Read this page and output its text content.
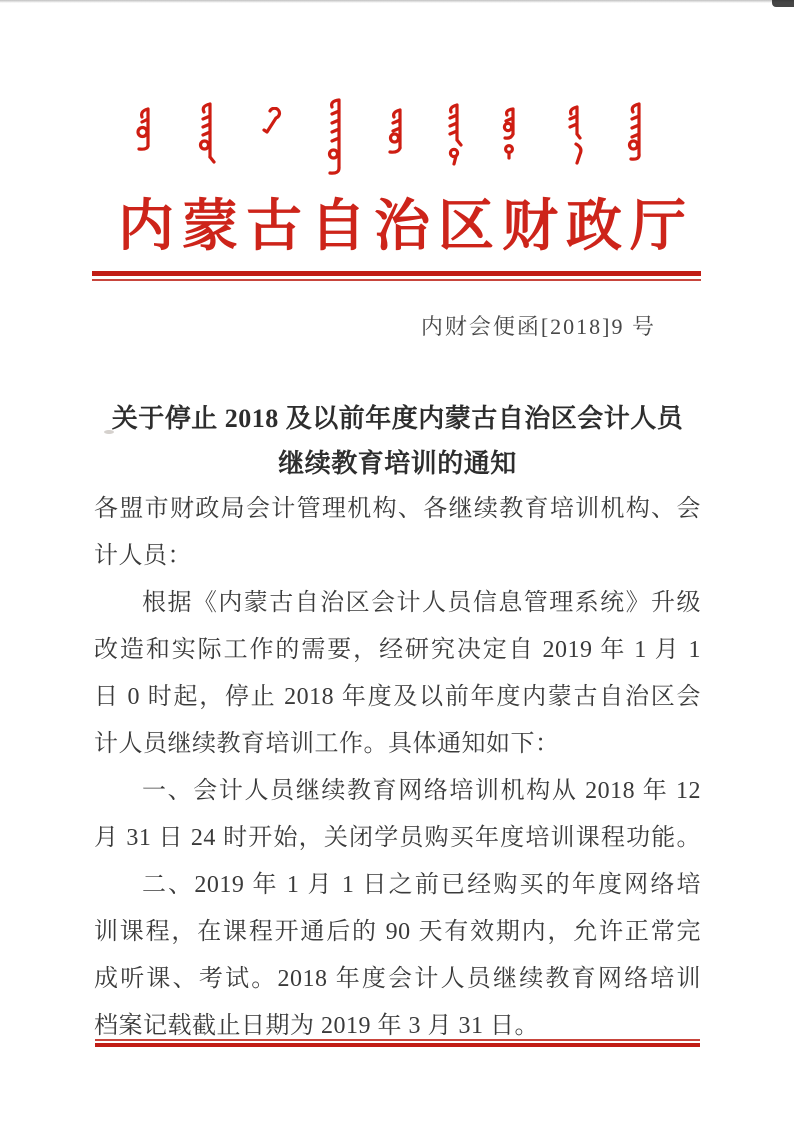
内蒙古自治区财政厅
内财会便函[2018]9 号
关于停止 2018 及以前年度内蒙古自治区会计人员
继续教育培训的通知
各盟市财政局会计管理机构、各继续教育培训机构、会
计人员：
根据《内蒙古自治区会计人员信息管理系统》升级
改造和实际工作的需要，经研究决定自 2019 年 1 月 1
日 0 时起，停止 2018 年度及以前年度内蒙古自治区会
计人员继续教育培训工作。具体通知如下：
一、会计人员继续教育网络培训机构从 2018 年 12
月 31 日 24 时开始，关闭学员购买年度培训课程功能。
二、2019 年 1 月 1 日之前已经购买的年度网络培
训课程，在课程开通后的 90 天有效期内，允许正常完
成听课、考试。2018 年度会计人员继续教育网络培训
档案记载截止日期为 2019 年 3 月 31 日。
